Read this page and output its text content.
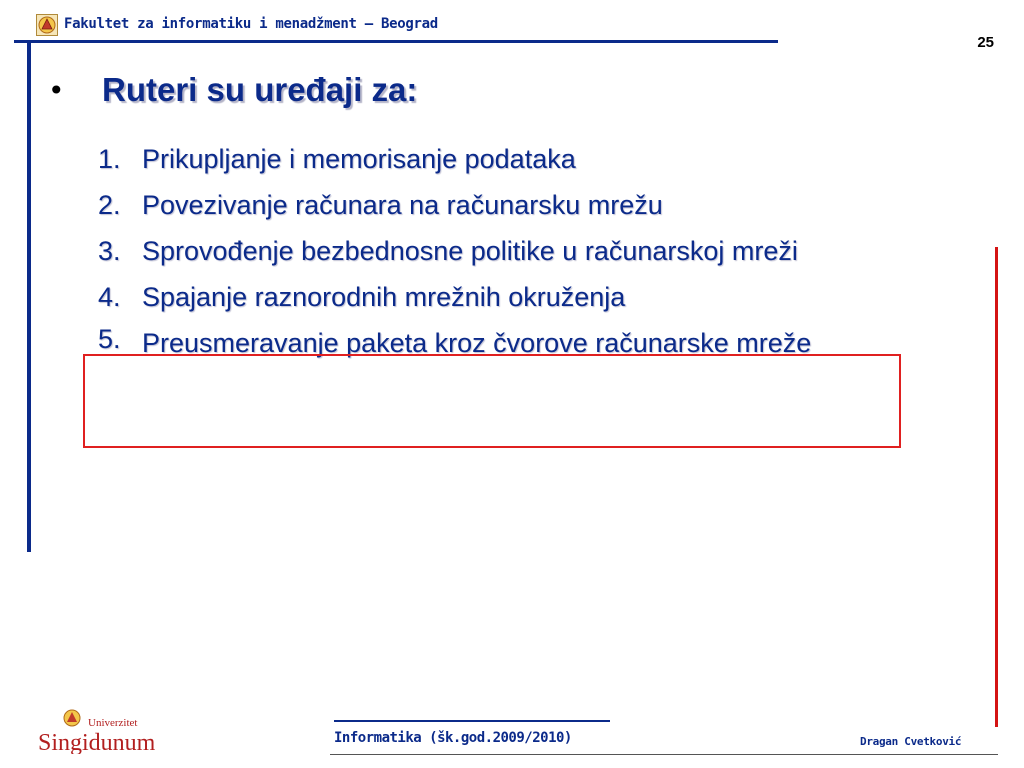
Fakultet za informatiku i menadžment – Beograd
25
•	Ruteri su uređaji za:
1. Prikupljanje i memorisanje podataka
2. Povezivanje računara na računarsku mrežu
3. Sprovođenje bezbednosne politike u računarskoj mreži
4. Spajanje raznorodnih mrežnih okruženja
5. Preusmeravanje paketa kroz čvorove računarske mreže
Univerzitet
Singidunum	Informatika (šk.god.2009/2010)	Dragan Cvetković
